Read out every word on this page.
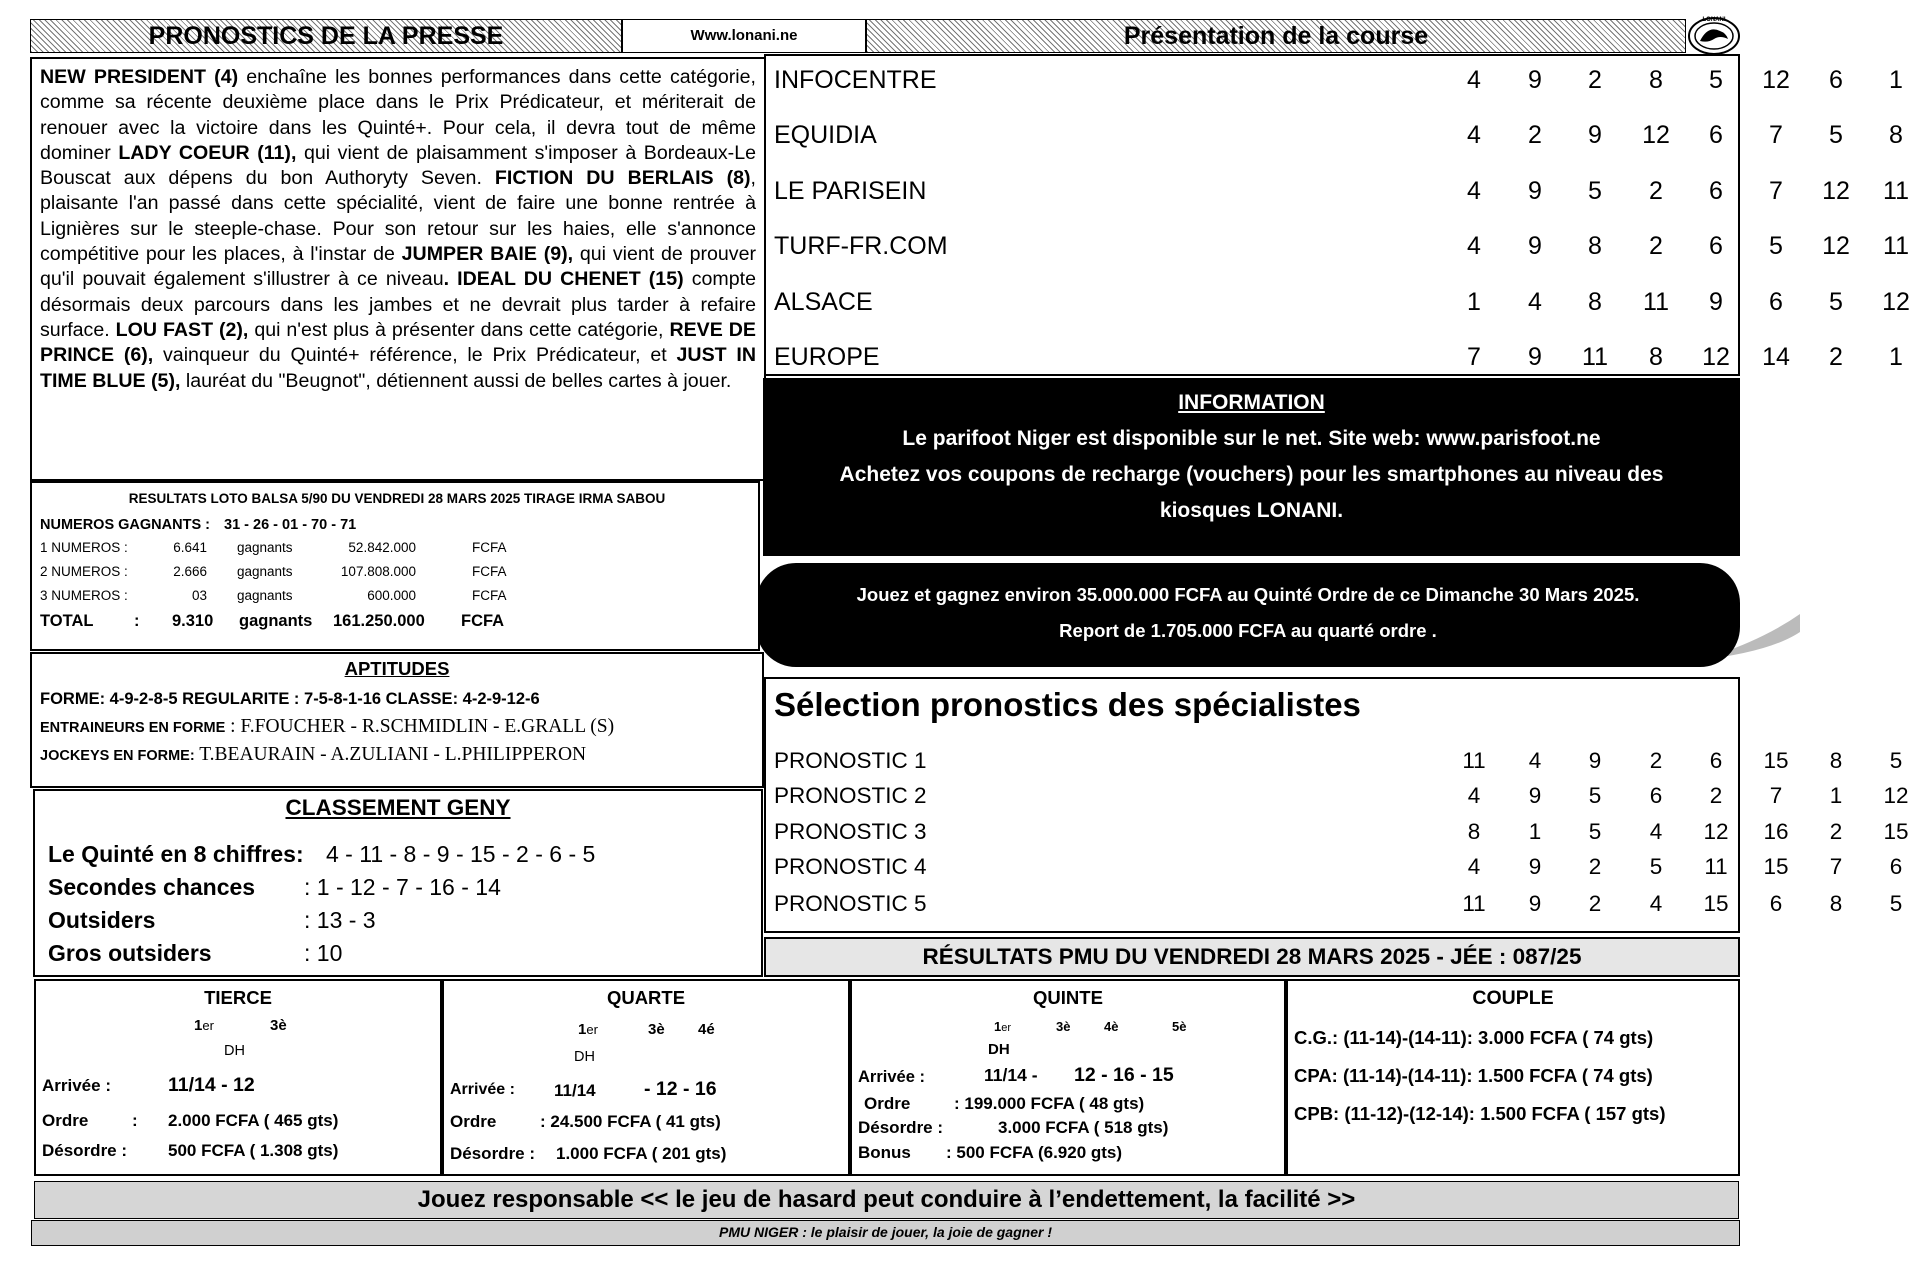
PRONOSTICS DE LA PRESSE	Www.lonani.ne	Présentation de la course
LONANI
NEW PRESIDENT (4) enchaîne les bonnes performances dans cette catégorie, comme sa récente deuxième place dans le Prix Prédicateur, et mériterait de renouer avec la victoire dans les Quinté+. Pour cela, il devra tout de même dominer LADY COEUR (11), qui vient de plaisamment s'imposer à Bordeaux-Le Bouscat aux dépens du bon Authoryty Seven. FICTION DU BERLAIS (8), plaisante l'an passé dans cette spécialité, vient de faire une bonne rentrée à Lignières sur le steeple-chase. Pour son retour sur les haies, elle s'annonce compétitive pour les places, à l'instar de JUMPER BAIE (9), qui vient de prouver qu'il pouvait également s'illustrer à ce niveau. IDEAL DU CHENET (15) compte désormais deux parcours dans les jambes et ne devrait plus tarder à refaire surface. LOU FAST (2), qui n'est plus à présenter dans cette catégorie, REVE DE PRINCE (6), vainqueur du Quinté+ référence, le Prix Prédicateur, et JUST IN TIME BLUE (5), lauréat du "Beugnot", détiennent aussi de belles cartes à jouer.
INFOCENTRE	4	9	2	8	5	12	6	1
EQUIDIA	4	2	9	12	6	7	5	8
LE PARISEIN	4	9	5	2	6	7	12	11
TURF-FR.COM	4	9	8	2	6	5	12	11
ALSACE	1	4	8	11	9	6	5	12
EUROPE	7	9	11	8	12	14	2	1
INFORMATION
Le parifoot Niger est disponible sur le net. Site web: www.parisfoot.ne
Achetez vos coupons de recharge (vouchers) pour les smartphones au niveau des
kiosques LONANI.
Jouez et gagnez environ 35.000.000 FCFA au Quinté Ordre de ce Dimanche 30 Mars 2025.
Report de 1.705.000 FCFA au quarté ordre .
RESULTATS LOTO BALSA 5/90 DU VENDREDI 28 MARS 2025 TIRAGE IRMA SABOU
NUMEROS GAGNANTS : 31 - 26 - 01 - 70 - 71
TOTAL : 9.310 gagnants 161.250.000 FCFA
1 NUMEROS :	6.641 gagnants	52.842.000	FCFA
2 NUMEROS :	2.666 gagnants	107.808.000	FCFA
3 NUMEROS :	03 gagnants	600.000	FCFA
APTITUDES
FORME: 4-9-2-8-5 REGULARITE : 7-5-8-1-16 CLASSE: 4-2-9-12-6
ENTRAINEURS EN FORME : F.FOUCHER - R.SCHMIDLIN - E.GRALL (S)
JOCKEYS EN FORME: T.BEAURAIN - A.ZULIANI - L.PHILIPPERON
CLASSEMENT GENY
Le Quinté en 8 chiffres: 4 - 11 - 8 - 9 - 15 - 2 - 6 - 5
Secondes chances : 1 - 12 - 7 - 16 - 14
Outsiders	: 13 - 3
Gros outsiders	: 10
Sélection pronostics des spécialistes
PRONOSTIC 1	11	4	9	2	6	15	8	5
PRONOSTIC 2	4	9	5	6	2	7	1	12
PRONOSTIC 3	8	1	5	4	12	16	2	15
PRONOSTIC 4	4	9	2	5	11	15	7	6
PRONOSTIC 5	11	9	2	4	15	6	8	5
RÉSULTATS PMU DU VENDREDI 28 MARS 2025 - JÉE : 087/25
TIERCE
1er	3è
DH
Arrivée :	11/14 - 12
Ordre	: 2.000 FCFA ( 465 gts)
Désordre : 500 FCFA ( 1.308 gts)
QUARTE
1er	3è 4é
DH
Arrivée : 11/14 - 12 - 16
Ordre	: 24.500 FCFA ( 41 gts)
Désordre : 1.000 FCFA ( 201 gts)
QUINTE
1er	3è	4è	5è
DH
Arrivée :	11/14 - 12 - 16 - 15
Ordre	: 199.000 FCFA ( 48 gts)
Désordre :	3.000 FCFA ( 518 gts)
Bonus : 500 FCFA (6.920 gts)
COUPLE
C.G.: (11-14)-(14-11): 3.000 FCFA ( 74 gts)
CPA: (11-14)-(14-11): 1.500 FCFA ( 74 gts)
CPB: (11-12)-(12-14): 1.500 FCFA ( 157 gts)
Jouez responsable << le jeu de hasard peut conduire à l’endettement, la facilité >>
PMU NIGER : le plaisir de jouer, la joie de gagner !
